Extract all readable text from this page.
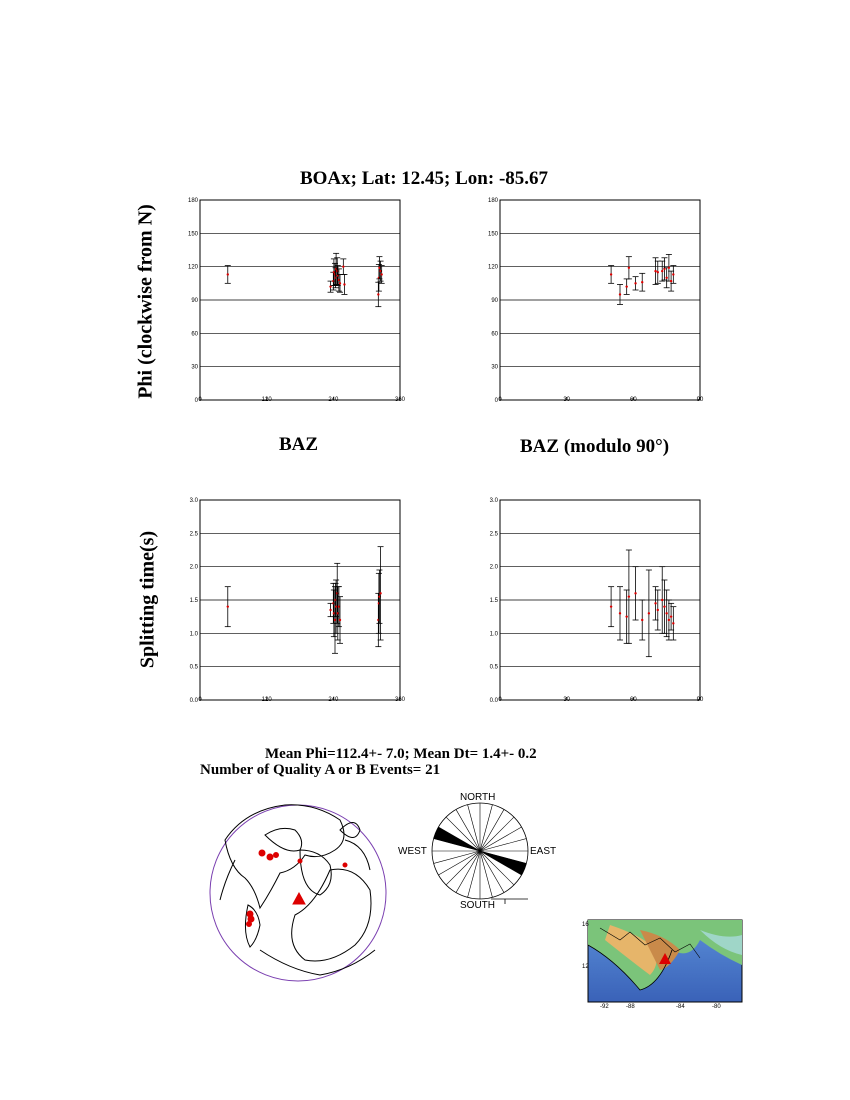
BOAx; Lat: 12.45; Lon: -85.67
Phi (clockwise from N)
Splitting time(s)
BAZ	BAZ (modulo 90°)
Mean Phi=112.4+- 7.0; Mean Dt= 1.4+- 0.2
Number of Quality A or B Events= 21
0
30
60
90
120
150
180
0	120	240	360	0
30
60
90
120
150
180
0	30	60	90
0.0
0.5
1.0
1.5
2.0
2.5
3.0
0	120	240	360	0.0
0.5
1.0
1.5
2.0
2.5
3.0
0	30	60	90
NORTH
SOUTH
EAST
WEST
16
12
-92	-88	-84	-80
